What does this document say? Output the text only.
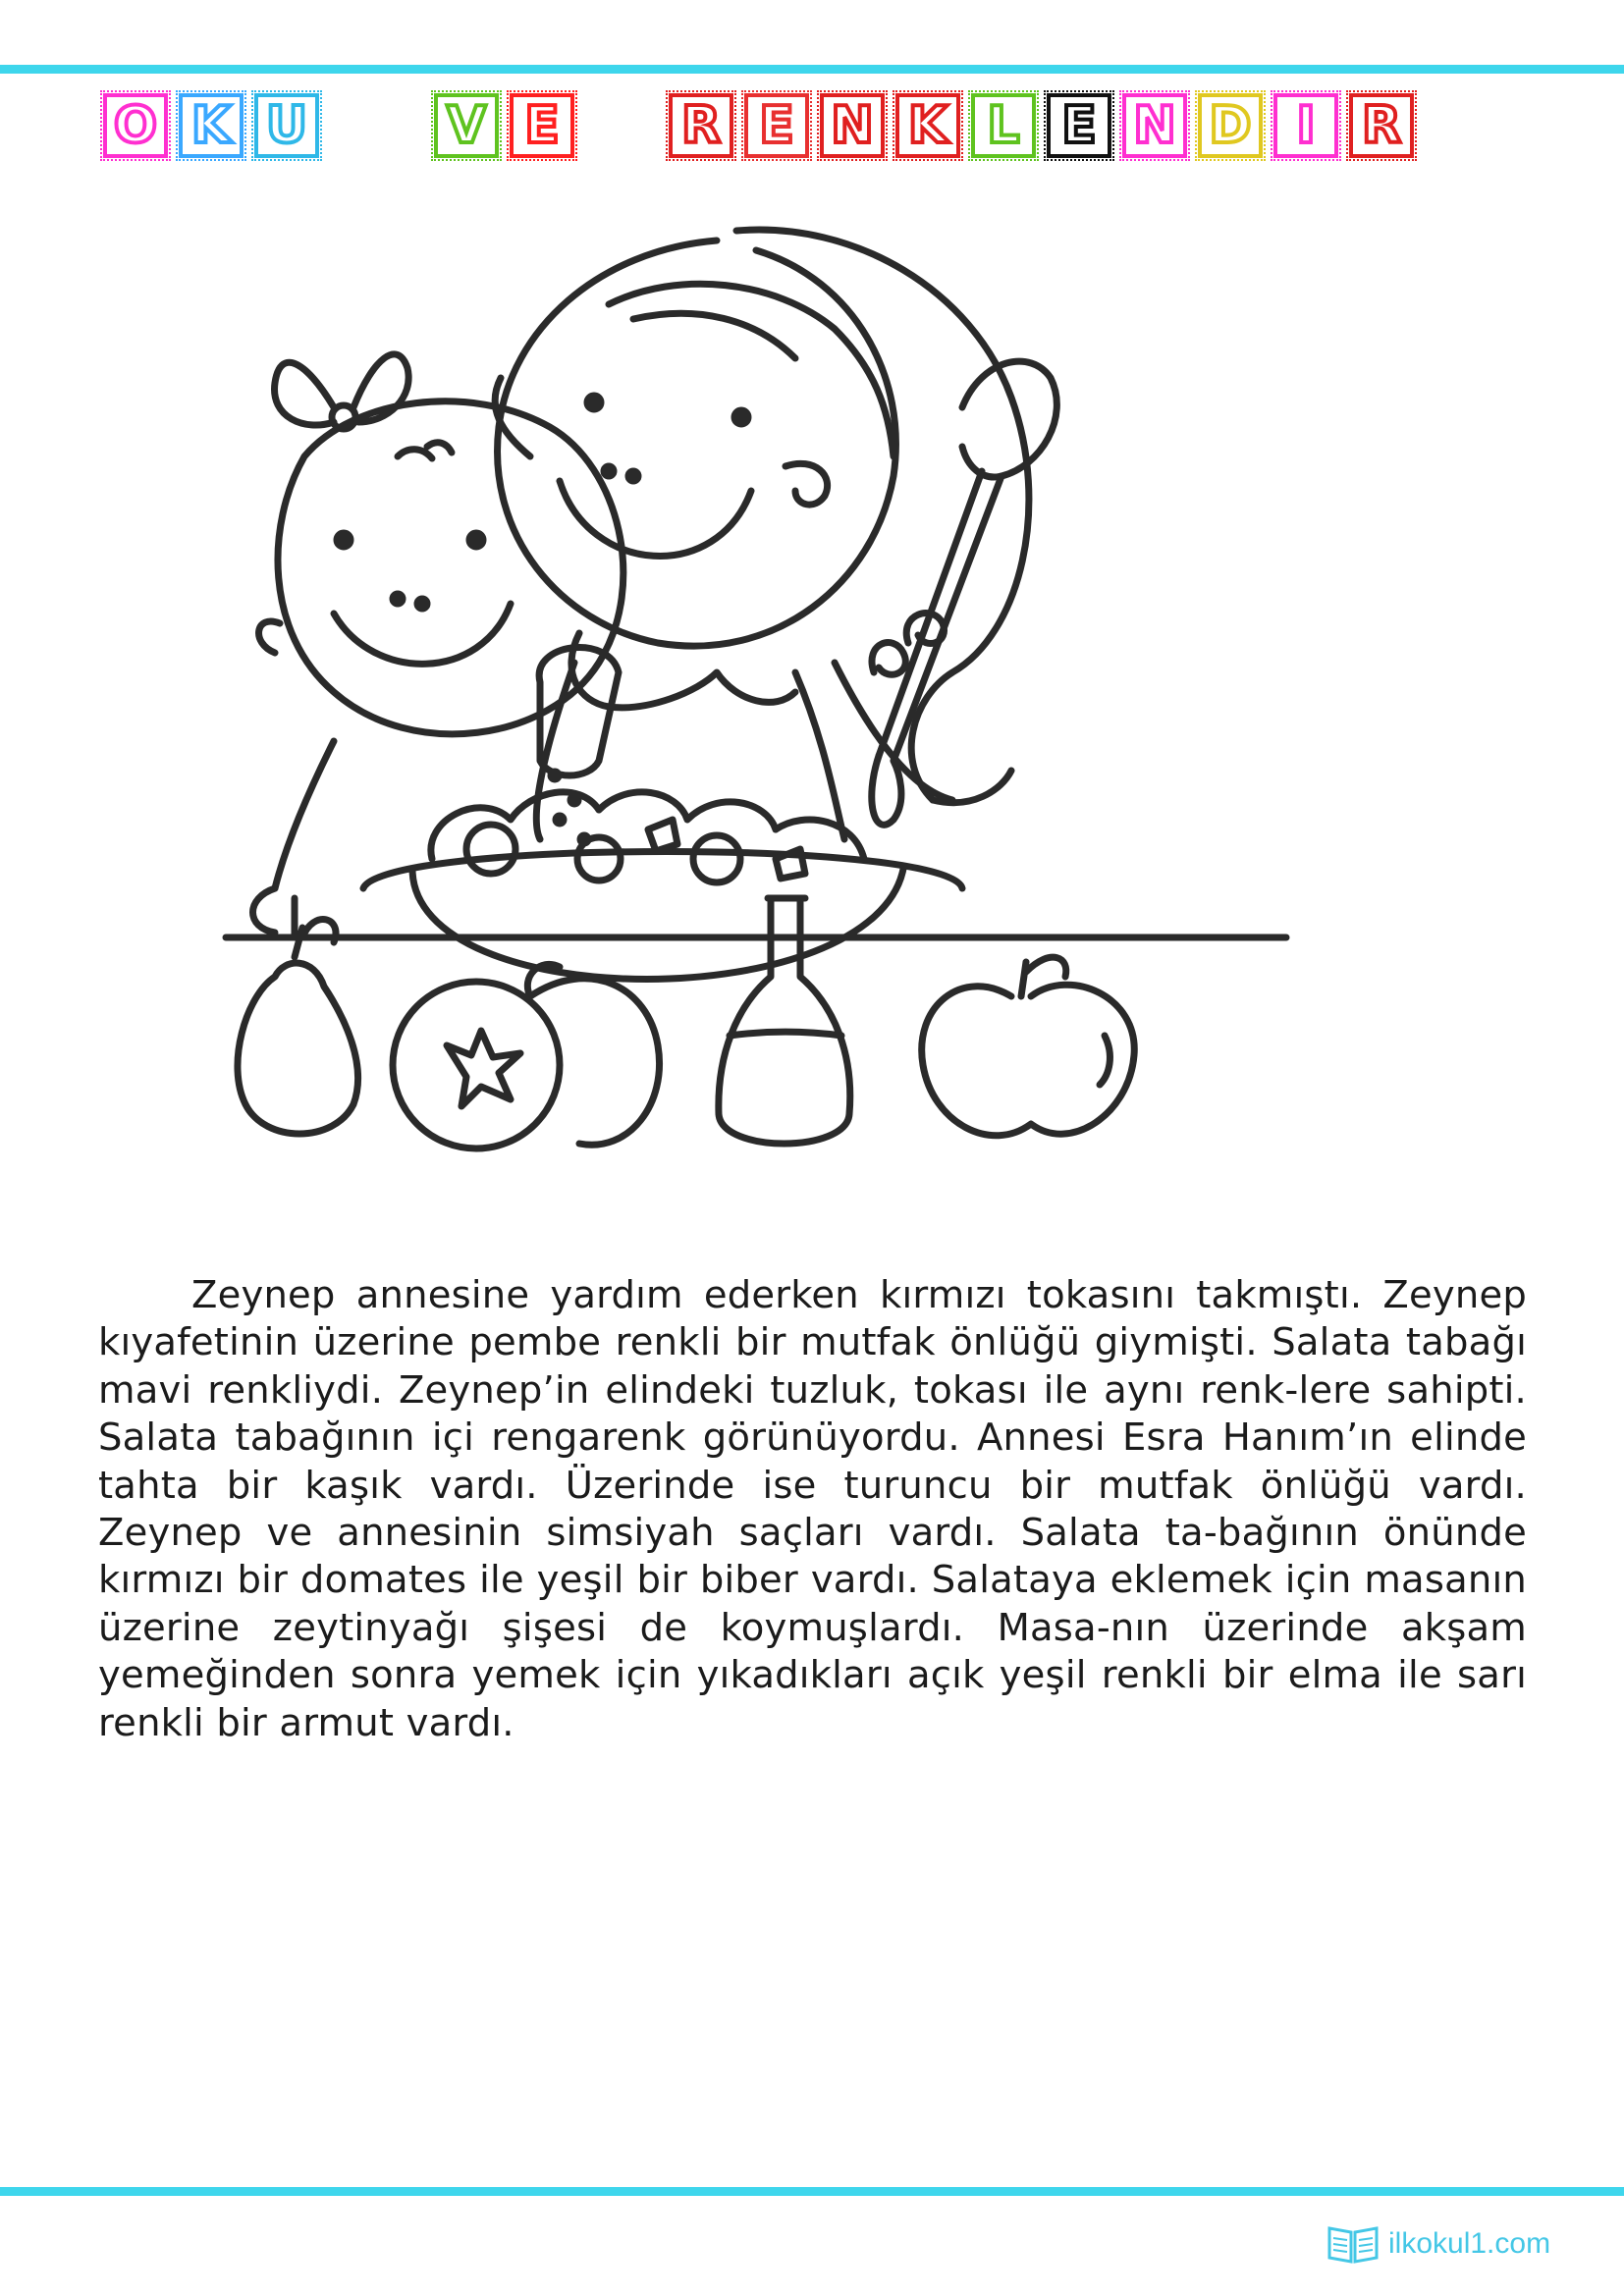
O K U	V E R E N K L E N D I R
Zeynep annesine yardım ederken kırmızı tokasını takmıştı. Zeynep kıyafetinin üzerine pembe renkli bir mutfak önlüğü giymişti. Salata tabağı mavi renkliydi. Zeynep’in elindeki tuzluk, tokası ile aynı renk-lere sahipti. Salata tabağının içi rengarenk görünüyordu. Annesi Esra Hanım’ın elinde tahta bir kaşık vardı. Üzerinde ise turuncu bir mutfak önlüğü vardı. Zeynep ve annesinin simsiyah saçları vardı. Salata ta-bağının önünde kırmızı bir domates ile yeşil bir biber vardı. Salataya eklemek için masanın üzerine zeytinyağı şişesi de koymuşlardı. Masa-nın üzerinde akşam yemeğinden sonra yemek için yıkadıkları açık yeşil renkli bir elma ile sarı renkli bir armut vardı.
ilkokul1.com
